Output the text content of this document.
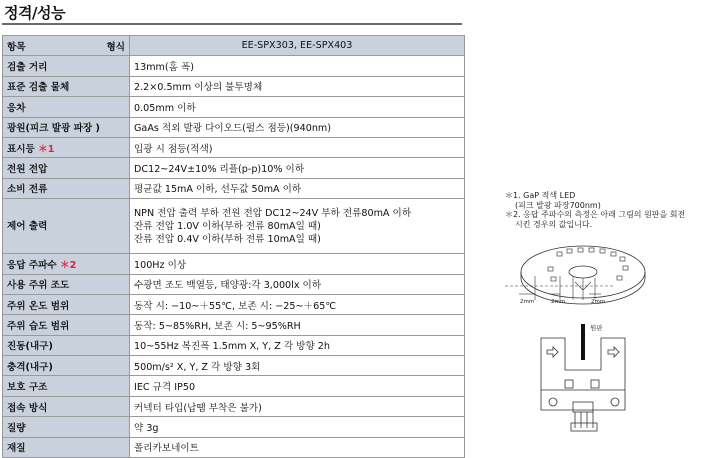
정격/성능
항목 형식	EE-SPX303, EE-SPX403
검출 거리	13mm(홈 폭)
표준 검출 물체	2.2×0.5mm 이상의 불투명체
응차	0.05mm 이하
광원(피크 발광 파장 )	GaAs 적외 발광 다이오드(펄스 점등)(940nm)
표시등 ＊1	입광 시 점등(적색)
전원 전압	DC12~24V±10% 리플(p-p)10% 이하
소비 전류	평균값 15mA 이하, 선두값 50mA 이하
제어 출력	NPN 전압 출력 부하 전원 전압 DC12~24V 부하 전류80mA 이하
잔류 전압 1.0V 이하(부하 전류 80mA일 때)
잔류 전압 0.4V 이하(부하 전류 10mA일 때)

응답 주파수 ＊2	100Hz 이상
사용 주위 조도	수광면 조도 백열등, 태양광:각 3,000lx 이하
주위 온도 범위	동작 시: −10~＋55℃, 보존 시: −25~＋65℃
주위 습도 범위	동작: 5~85%RH, 보존 시: 5~95%RH
진동(내구)	10~55Hz 복진폭 1.5mm X, Y, Z 각 방향 2h
충격(내구)	500m/s² X, Y, Z 각 방향 3회
보호 구조	IEC 규격 IP50
접속 방식	커넥터 타입(납땜 부착은 불가)
질량	약 3g
재질	폴리카보네이트
＊1. GaP 적색 LED
(피크 발광 파장700nm)
＊2. 응답 주파수의 측정은 아래 그림의 원판을 회전
시킨 경우의 값입니다.
2mm	2mm	2mm
원판
